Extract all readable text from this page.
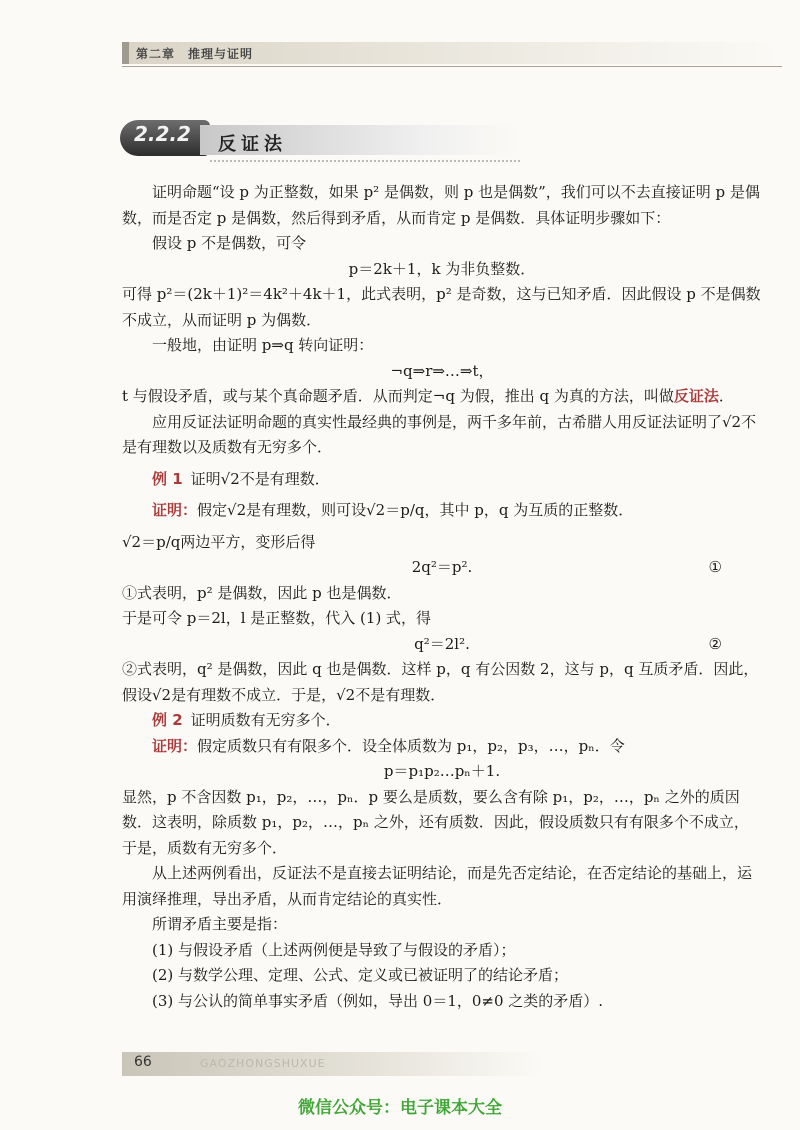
第二章　推理与证明
2.2.2 反证法

证明命题“设 p 为正整数，如果 p² 是偶数，则 p 也是偶数”，我们可以不去直接证明 p 是偶数，而是否定 p 是偶数，然后得到矛盾，从而肯定 p 是偶数．具体证明步骤如下：

假设 p 不是偶数，可令

p＝2k＋1，k 为非负整数．

可得 p²＝(2k＋1)²＝4k²＋4k＋1，此式表明，p² 是奇数，这与已知矛盾．因此假设 p 不是偶数不成立，从而证明 p 为偶数．

一般地，由证明 p⇒q 转向证明：

¬q⇒r⇒…⇒t，

t 与假设矛盾，或与某个真命题矛盾．从而判定¬q 为假，推出 q 为真的方法，叫做反证法．

应用反证法证明命题的真实性最经典的事例是，两千多年前，古希腊人用反证法证明了√2不是有理数以及质数有无穷多个．

例 1 证明√2不是有理数．

证明：假定√2是有理数，则可设√2＝p/q，其中 p，q 为互质的正整数．

√2＝p/q两边平方，变形后得

2q²＝p².	①

①式表明，p² 是偶数，因此 p 也是偶数．

于是可令 p＝2l，l 是正整数，代入 (1) 式，得

q²＝2l².	②

②式表明，q² 是偶数，因此 q 也是偶数．这样 p，q 有公因数 2，这与 p，q 互质矛盾．因此，假设√2是有理数不成立．于是，√2不是有理数．

例 2 证明质数有无穷多个．

证明：假定质数只有有限多个．设全体质数为 p₁，p₂，p₃，…，pₙ．令

p＝p₁p₂…pₙ＋1.

显然，p 不含因数 p₁，p₂，…，pₙ．p 要么是质数，要么含有除 p₁，p₂，…，pₙ 之外的质因数．这表明，除质数 p₁，p₂，…，pₙ 之外，还有质数．因此，假设质数只有有限多个不成立，于是，质数有无穷多个．

从上述两例看出，反证法不是直接去证明结论，而是先否定结论，在否定结论的基础上，运用演绎推理，导出矛盾，从而肯定结论的真实性．

所谓矛盾主要是指：

(1) 与假设矛盾（上述两例便是导致了与假设的矛盾）；

(2) 与数学公理、定理、公式、定义或已被证明了的结论矛盾；

(3) 与公认的简单事实矛盾（例如，导出 0＝1，0≠0 之类的矛盾）.

66	GAOZHONGSHUXUE
微信公众号：电子课本大全
